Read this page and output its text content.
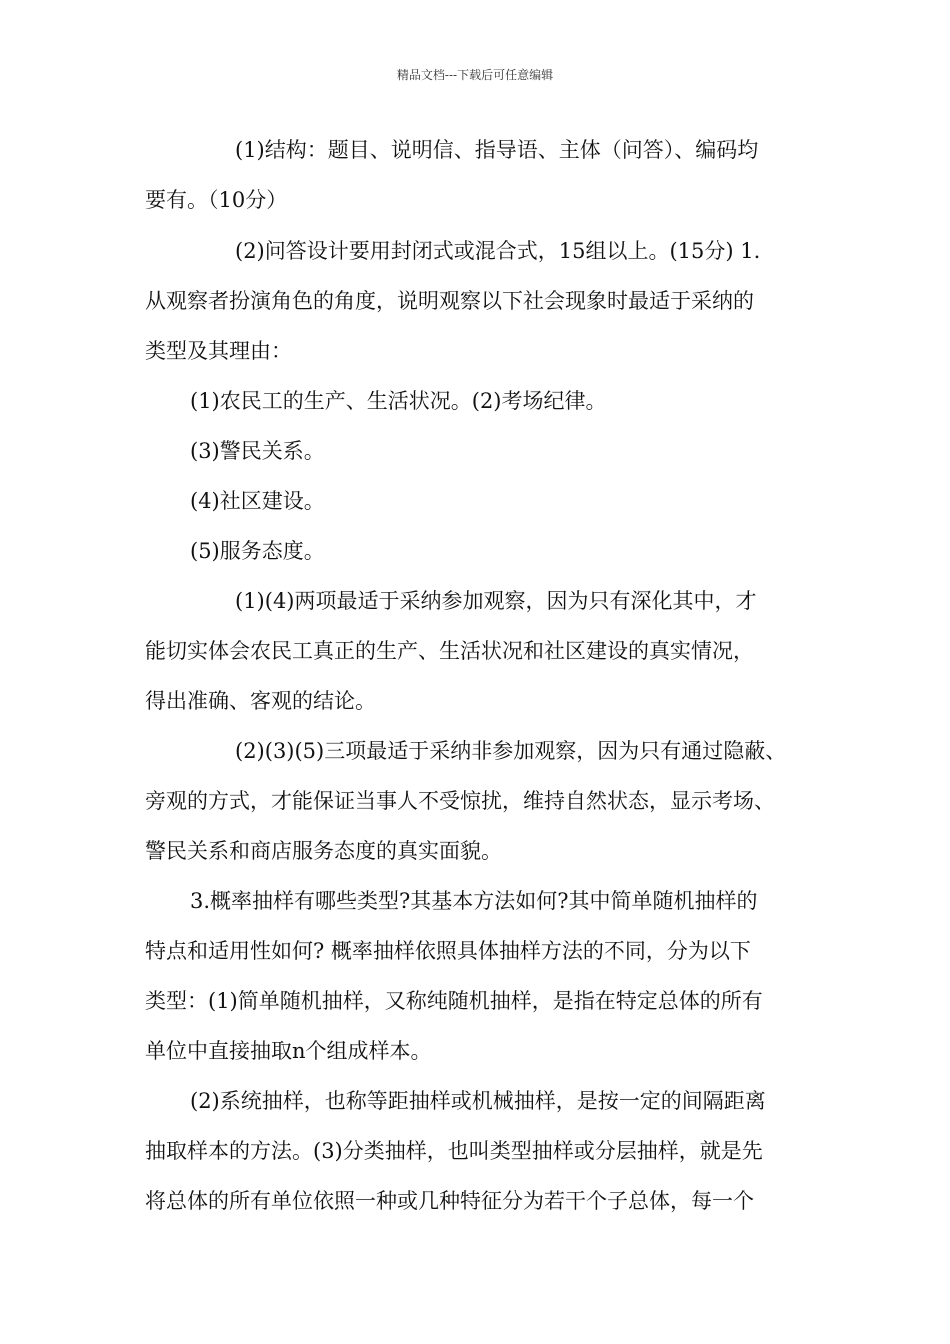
精品文档---下载后可任意编辑
(1)结构：题目、说明信、指导语、主体（问答）、编码均
要有。（10分）
(2)问答设计要用封闭式或混合式，15组以上。(15分) 1.
从观察者扮演角色的角度，说明观察以下社会现象时最适于采纳的
类型及其理由：
(1)农民工的生产、生活状况。(2)考场纪律。
(3)警民关系。
(4)社区建设。
(5)服务态度。
(1)(4)两项最适于采纳参加观察，因为只有深化其中，才
能切实体会农民工真正的生产、生活状况和社区建设的真实情况，
得出准确、客观的结论。
(2)(3)(5)三项最适于采纳非参加观察，因为只有通过隐蔽、
旁观的方式，才能保证当事人不受惊扰，维持自然状态，显示考场、
警民关系和商店服务态度的真实面貌。
3.概率抽样有哪些类型?其基本方法如何?其中简单随机抽样的
特点和适用性如何? 概率抽样依照具体抽样方法的不同，分为以下
类型：(1)简单随机抽样，又称纯随机抽样，是指在特定总体的所有
单位中直接抽取n个组成样本。
(2)系统抽样，也称等距抽样或机械抽样，是按一定的间隔距离
抽取样本的方法。(3)分类抽样，也叫类型抽样或分层抽样，就是先
将总体的所有单位依照一种或几种特征分为若干个子总体，每一个
